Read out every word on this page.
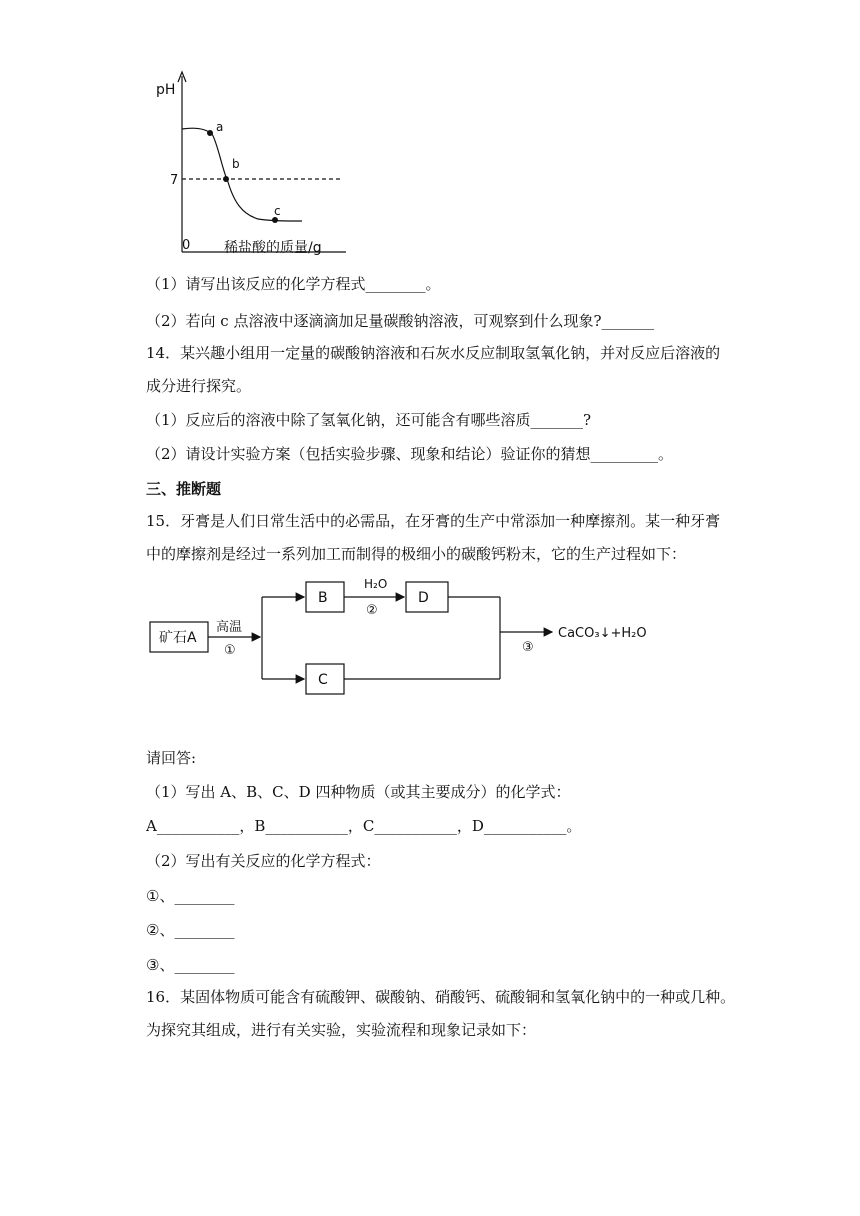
pH
7
a
b
c
0 稀盐酸的质量/g
（1）请写出该反应的化学方程式________。
（2）若向 c 点溶液中逐滴滴加足量碳酸钠溶液，可观察到什么现象?_______
14．某兴趣小组用一定量的碳酸钠溶液和石灰水反应制取氢氧化钠，并对反应后溶液的
成分进行探究。
（1）反应后的溶液中除了氢氧化钠，还可能含有哪些溶质_______?
（2）请设计实验方案（包括实验步骤、现象和结论）验证你的猜想_________。
三、推断题
15．牙膏是人们日常生活中的必需品，在牙膏的生产中常添加一种摩擦剂。某一种牙膏
中的摩擦剂是经过一系列加工而制得的极细小的碳酸钙粉末，它的生产过程如下：
矿石A
高温
①
B
H₂O
②
D
C
③
CaCO₃↓+H₂O
请回答:
（1）写出 A、B、C、D 四种物质（或其主要成分）的化学式：
A___________，B___________，C___________，D___________。
（2）写出有关反应的化学方程式：
①、________
②、________
③、________
16．某固体物质可能含有硫酸钾、碳酸钠、硝酸钙、硫酸铜和氢氧化钠中的一种或几种。
为探究其组成，进行有关实验，实验流程和现象记录如下：
